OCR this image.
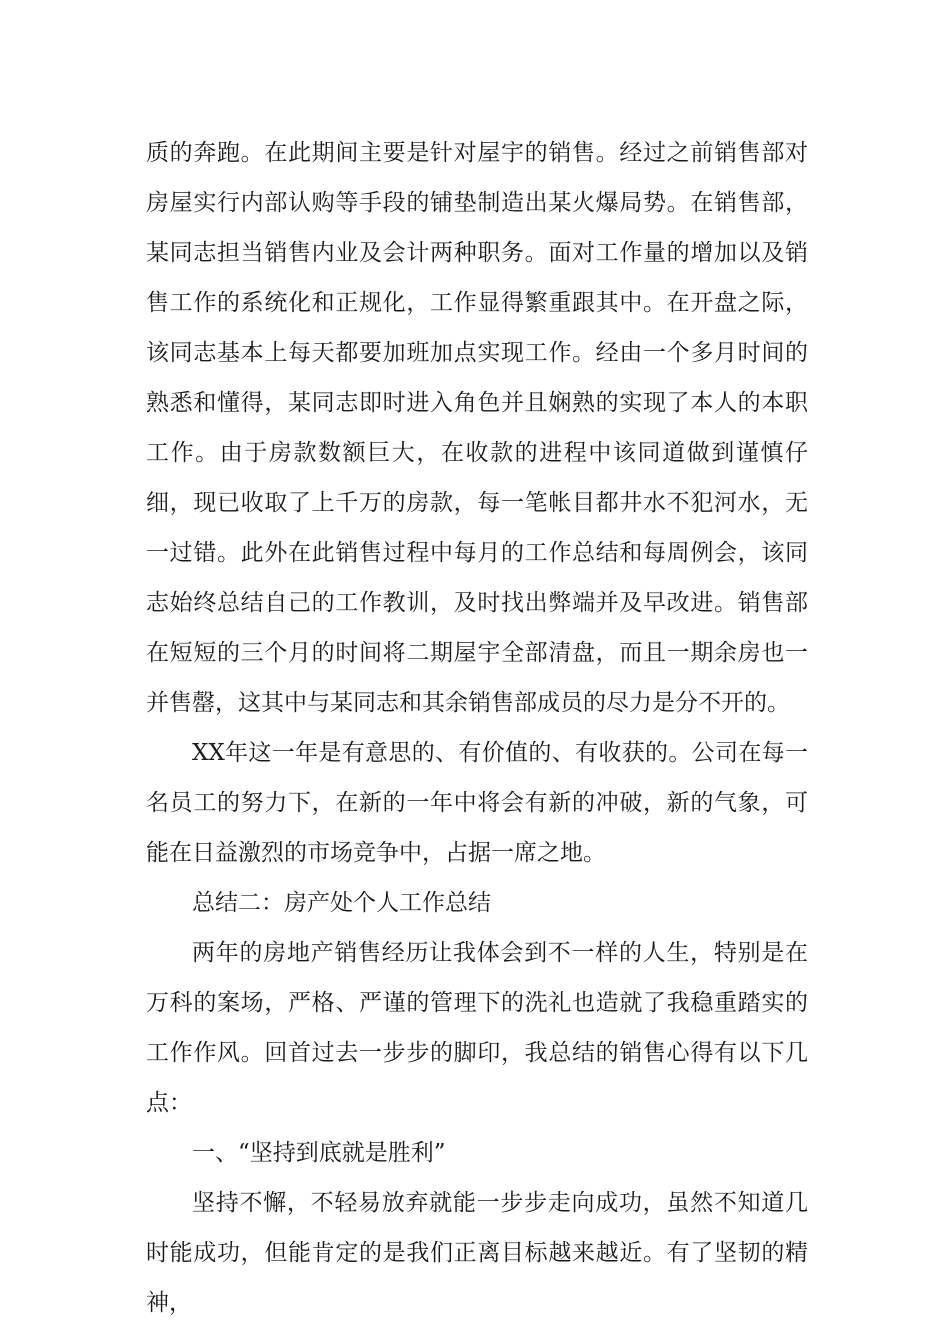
质的奔跑。在此期间主要是针对屋宇的销售。经过之前销售部对房屋实行内部认购等手段的铺垫制造出某火爆局势。在销售部，某同志担当销售内业及会计两种职务。面对工作量的增加以及销售工作的系统化和正规化，工作显得繁重跟其中。在开盘之际，该同志基本上每天都要加班加点实现工作。经由一个多月时间的熟悉和懂得，某同志即时进入角色并且娴熟的实现了本人的本职工作。由于房款数额巨大，在收款的进程中该同道做到谨慎仔细，现已收取了上千万的房款，每一笔帐目都井水不犯河水，无一过错。此外在此销售过程中每月的工作总结和每周例会，该同志始终总结自己的工作教训，及时找出弊端并及早改进。销售部在短短的三个月的时间将二期屋宇全部清盘，而且一期余房也一并售罄，这其中与某同志和其余销售部成员的尽力是分不开的。

XX年这一年是有意思的、有价值的、有收获的。公司在每一名员工的努力下，在新的一年中将会有新的冲破，新的气象，可能在日益激烈的市场竞争中，占据一席之地。

总结二：房产处个人工作总结

两年的房地产销售经历让我体会到不一样的人生，特别是在万科的案场，严格、严谨的管理下的洗礼也造就了我稳重踏实的工作作风。回首过去一步步的脚印，我总结的销售心得有以下几点：

一、“坚持到底就是胜利”

坚持不懈，不轻易放弃就能一步步走向成功，虽然不知道几时能成功，但能肯定的是我们正离目标越来越近。有了坚韧的精神，
